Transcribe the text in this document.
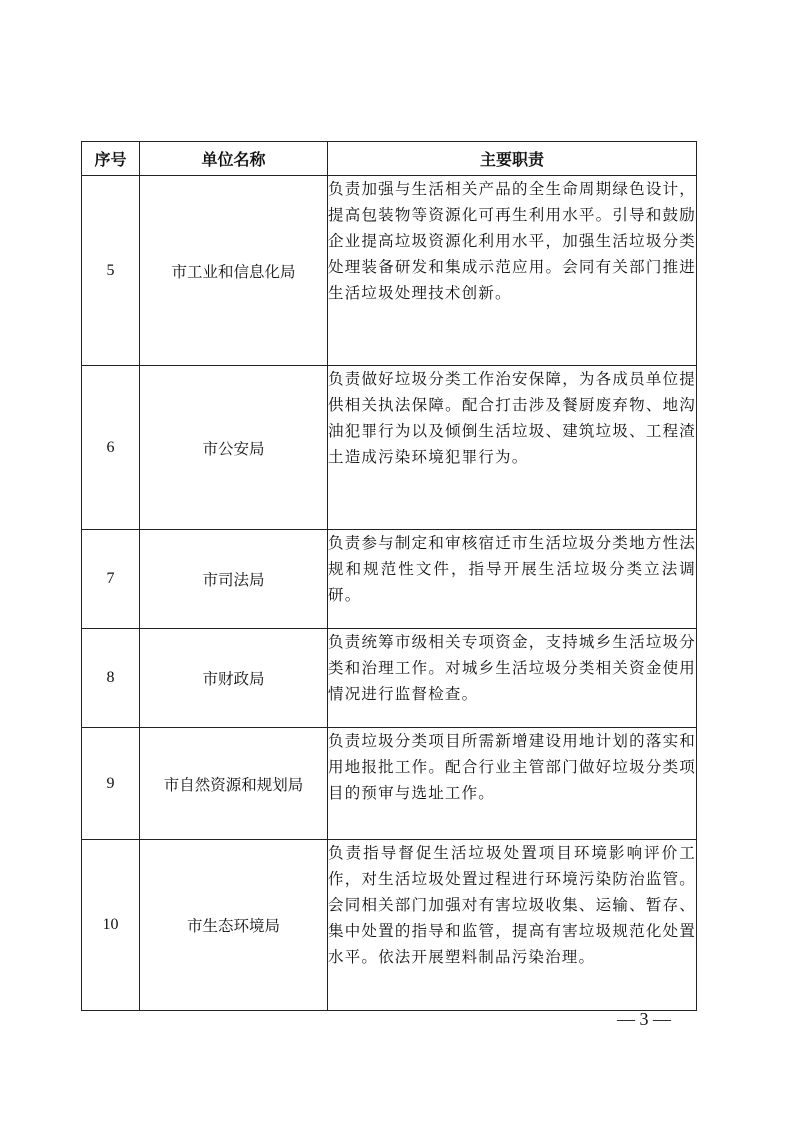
序号	单位名称	主要职责
5	市工业和信息化局	负责加强与生活相关产品的全生命周期绿色设计，提高包装物等资源化可再生利用水平。引导和鼓励企业提高垃圾资源化利用水平，加强生活垃圾分类处理装备研发和集成示范应用。会同有关部门推进生活垃圾处理技术创新。
6	市公安局	负责做好垃圾分类工作治安保障，为各成员单位提供相关执法保障。配合打击涉及餐厨废弃物、地沟油犯罪行为以及倾倒生活垃圾、建筑垃圾、工程渣土造成污染环境犯罪行为。
7	市司法局	负责参与制定和审核宿迁市生活垃圾分类地方性法规和规范性文件，指导开展生活垃圾分类立法调研。
8	市财政局	负责统筹市级相关专项资金，支持城乡生活垃圾分类和治理工作。对城乡生活垃圾分类相关资金使用情况进行监督检查。
9	市自然资源和规划局	负责垃圾分类项目所需新增建设用地计划的落实和用地报批工作。配合行业主管部门做好垃圾分类项目的预审与选址工作。
10	市生态环境局	负责指导督促生活垃圾处置项目环境影响评价工作，对生活垃圾处置过程进行环境污染防治监管。会同相关部门加强对有害垃圾收集、运输、暂存、集中处置的指导和监管，提高有害垃圾规范化处置水平。依法开展塑料制品污染治理。
— 3 —
